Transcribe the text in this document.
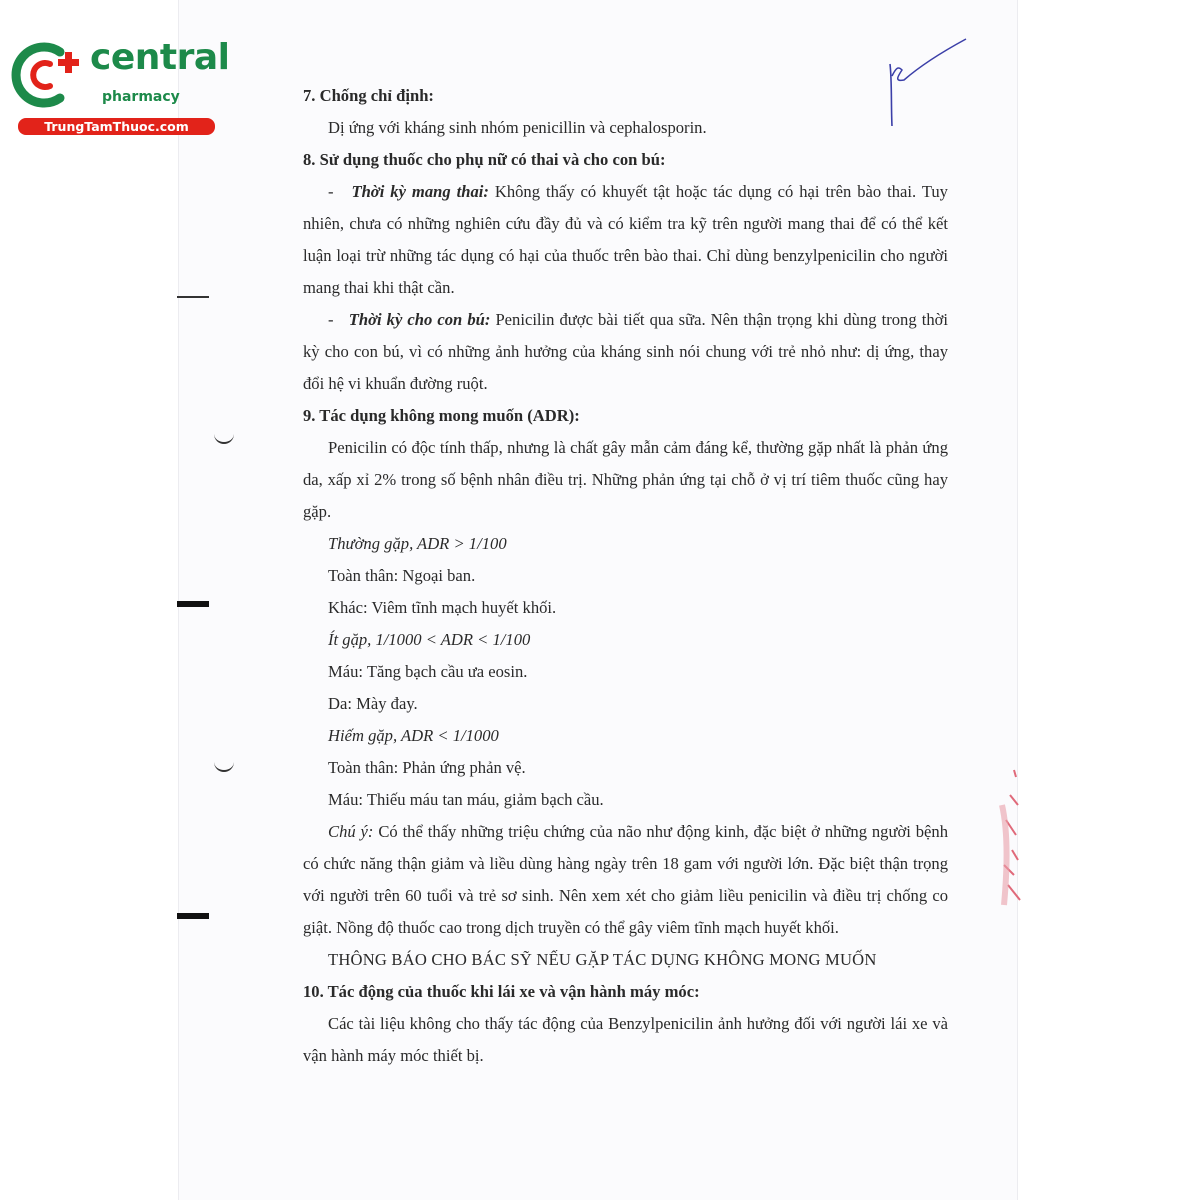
central
pharmacy
TrungTamThuoc.com

7. Chống chỉ định:

Dị ứng với kháng sinh nhóm penicillin và cephalosporin.

8. Sử dụng thuốc cho phụ nữ có thai và cho con bú:

-   Thời kỳ mang thai: Không thấy có khuyết tật hoặc tác dụng có hại trên bào thai. Tuy nhiên, chưa có những nghiên cứu đầy đủ và có kiểm tra kỹ trên người mang thai để có thể kết luận loại trừ những tác dụng có hại của thuốc trên bào thai. Chỉ dùng benzylpenicilin cho người mang thai khi thật cần.

-   Thời kỳ cho con bú: Penicilin được bài tiết qua sữa. Nên thận trọng khi dùng trong thời kỳ cho con bú, vì có những ảnh hưởng của kháng sinh nói chung với trẻ nhỏ như: dị ứng, thay đổi hệ vi khuẩn đường ruột.

9. Tác dụng không mong muốn (ADR):

Penicilin có độc tính thấp, nhưng là chất gây mẫn cảm đáng kể, thường gặp nhất là phản ứng da, xấp xỉ 2% trong số bệnh nhân điều trị. Những phản ứng tại chỗ ở vị trí tiêm thuốc cũng hay gặp.

Thường gặp, ADR > 1/100

Toàn thân: Ngoại ban.

Khác: Viêm tĩnh mạch huyết khối.

Ít gặp, 1/1000 < ADR < 1/100

Máu: Tăng bạch cầu ưa eosin.

Da: Mày đay.

Hiếm gặp, ADR < 1/1000

Toàn thân: Phản ứng phản vệ.

Máu: Thiếu máu tan máu, giảm bạch cầu.

Chú ý: Có thể thấy những triệu chứng của não như động kinh, đặc biệt ở những người bệnh có chức năng thận giảm và liều dùng hàng ngày trên 18 gam với người lớn. Đặc biệt thận trọng với người trên 60 tuổi và trẻ sơ sinh. Nên xem xét cho giảm liều penicilin và điều trị chống co giật. Nồng độ thuốc cao trong dịch truyền có thể gây viêm tĩnh mạch huyết khối.

THÔNG BÁO CHO BÁC SỸ NẾU GẶP TÁC DỤNG KHÔNG MONG MUỐN

10. Tác động của thuốc khi lái xe và vận hành máy móc:

Các tài liệu không cho thấy tác động của Benzylpenicilin ảnh hưởng đối với người lái xe và vận hành máy móc thiết bị.
